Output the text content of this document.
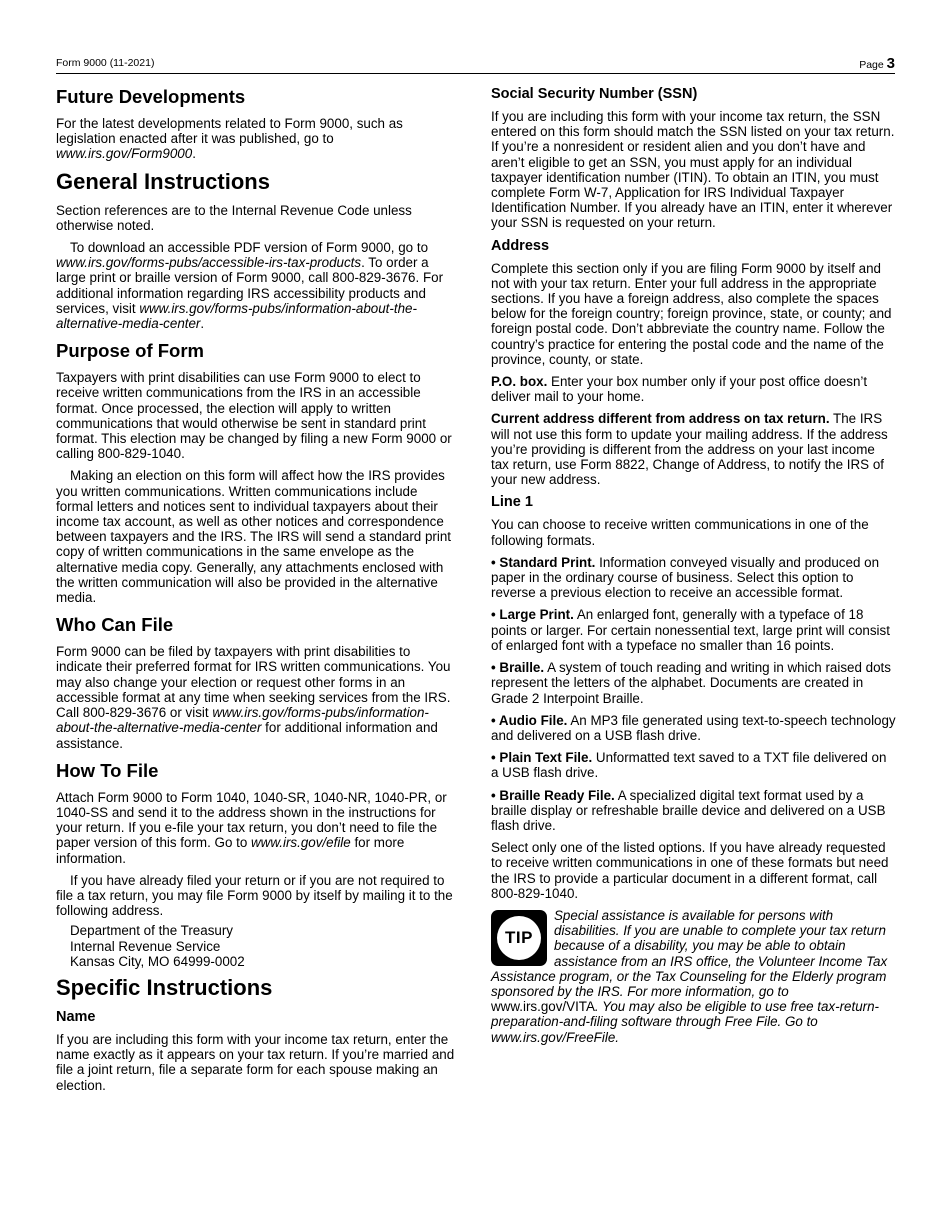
Form 9000 (11-2021)	Page 3
Future Developments

For the latest developments related to Form 9000, such as legislation enacted after it was published, go to www.irs.gov/Form9000.

General Instructions

Section references are to the Internal Revenue Code unless otherwise noted.

To download an accessible PDF version of Form 9000, go to www.irs.gov/forms-pubs/accessible-irs-tax-products. To order a large print or braille version of Form 9000, call 800-829-3676. For additional information regarding IRS accessibility products and services, visit www.irs.gov/forms-pubs/information-about-the-alternative-media-center.

Purpose of Form

Taxpayers with print disabilities can use Form 9000 to elect to receive written communications from the IRS in an accessible format. Once processed, the election will apply to written communications that would otherwise be sent in standard print format. This election may be changed by filing a new Form 9000 or calling 800-829-1040.

Making an election on this form will affect how the IRS provides you written communications. Written communications include formal letters and notices sent to individual taxpayers about their income tax account, as well as other notices and correspondence between taxpayers and the IRS. The IRS will send a standard print copy of written communications in the same envelope as the alternative media copy. Generally, any attachments enclosed with the written communication will also be provided in the alternative media.

Who Can File

Form 9000 can be filed by taxpayers with print disabilities to indicate their preferred format for IRS written communications. You may also change your election or request other forms in an accessible format at any time when seeking services from the IRS. Call 800-829-3676 or visit www.irs.gov/forms-pubs/information-about-the-alternative-media-center for additional information and assistance.

How To File

Attach Form 9000 to Form 1040, 1040-SR, 1040-NR, 1040-PR, or 1040-SS and send it to the address shown in the instructions for your return. If you e-file your tax return, you don’t need to file the paper version of this form. Go to www.irs.gov/efile for more information.

If you have already filed your return or if you are not required to file a tax return, you may file Form 9000 by itself by mailing it to the following address.

Department of the Treasury
Internal Revenue Service
Kansas City, MO 64999-0002
Specific Instructions
Name

If you are including this form with your income tax return, enter the name exactly as it appears on your tax return. If you’re married and file a joint return, file a separate form for each spouse making an election.

Social Security Number (SSN)

If you are including this form with your income tax return, the SSN entered on this form should match the SSN listed on your tax return. If you’re a nonresident or resident alien and you don’t have and aren’t eligible to get an SSN, you must apply for an individual taxpayer identification number (ITIN). To obtain an ITIN, you must complete Form W-7, Application for IRS Individual Taxpayer Identification Number. If you already have an ITIN, enter it wherever your SSN is requested on your return.

Address

Complete this section only if you are filing Form 9000 by itself and not with your tax return. Enter your full address in the appropriate sections. If you have a foreign address, also complete the spaces below for the foreign country; foreign province, state, or county; and foreign postal code. Don’t abbreviate the country name. Follow the country’s practice for entering the postal code and the name of the province, county, or state.

P.O. box. Enter your box number only if your post office doesn’t deliver mail to your home.

Current address different from address on tax return. The IRS will not use this form to update your mailing address. If the address you’re providing is different from the address on your last income tax return, use Form 8822, Change of Address, to notify the IRS of your new address.

Line 1

You can choose to receive written communications in one of the following formats.

• Standard Print. Information conveyed visually and produced on paper in the ordinary course of business. Select this option to reverse a previous election to receive an accessible format.

• Large Print. An enlarged font, generally with a typeface of 18 points or larger. For certain nonessential text, large print will consist of enlarged font with a typeface no smaller than 16 points.

• Braille. A system of touch reading and writing in which raised dots represent the letters of the alphabet. Documents are created in Grade 2 Interpoint Braille.

• Audio File. An MP3 file generated using text-to-speech technology and delivered on a USB flash drive.

• Plain Text File. Unformatted text saved to a TXT file delivered on a USB flash drive.

• Braille Ready File. A specialized digital text format used by a braille display or refreshable braille device and delivered on a USB flash drive.

Select only one of the listed options. If you have already requested to receive written communications in one of these formats but need the IRS to provide a particular document in a different format, call 800-829-1040.

TIP
Special assistance is available for persons with disabilities. If you are unable to complete your tax return because of a disability, you may be able to obtain assistance from an IRS office, the Volunteer Income Tax Assistance program, or the Tax Counseling for the Elderly program sponsored by the IRS. For more information, go to www.irs.gov/VITA. You may also be eligible to use free tax-return-preparation-and-filing software through Free File. Go to www.irs.gov/FreeFile.
